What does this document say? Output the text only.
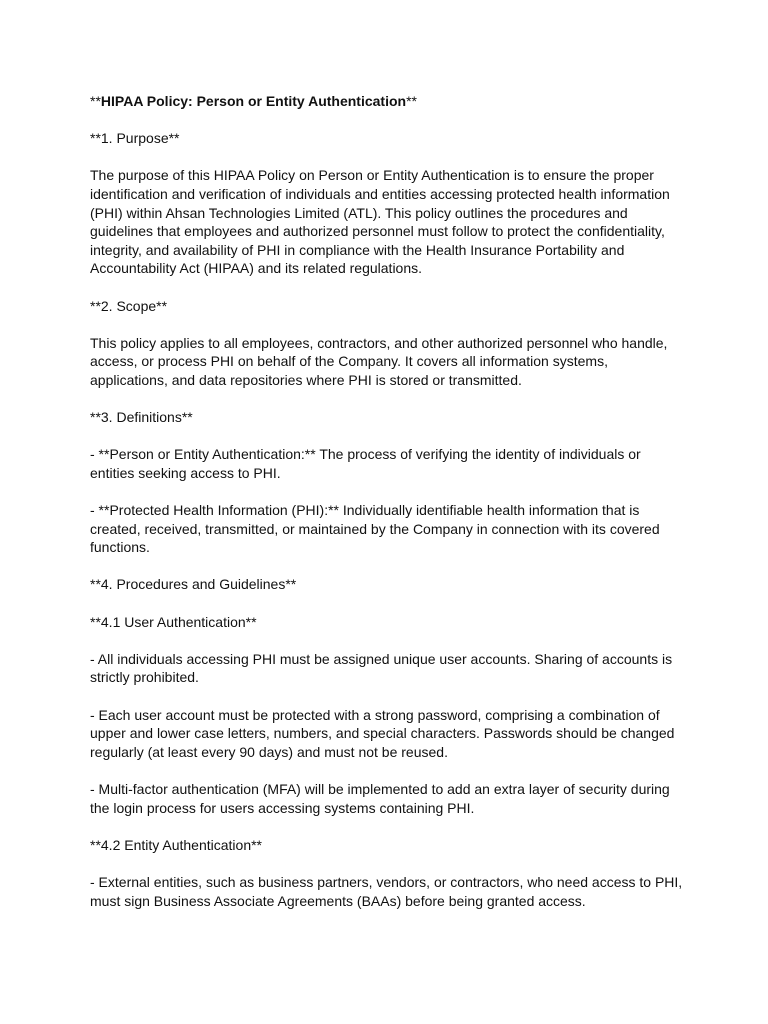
**HIPAA Policy: Person or Entity Authentication**

**1. Purpose**

The purpose of this HIPAA Policy on Person or Entity Authentication is to ensure the proper

identification and verification of individuals and entities accessing protected health information

(PHI) within Ahsan Technologies Limited (ATL). This policy outlines the procedures and

guidelines that employees and authorized personnel must follow to protect the confidentiality,

integrity, and availability of PHI in compliance with the Health Insurance Portability and

Accountability Act (HIPAA) and its related regulations.

**2. Scope**

This policy applies to all employees, contractors, and other authorized personnel who handle,

access, or process PHI on behalf of the Company. It covers all information systems,

applications, and data repositories where PHI is stored or transmitted.

**3. Definitions**

- **Person or Entity Authentication:** The process of verifying the identity of individuals or

entities seeking access to PHI.

- **Protected Health Information (PHI):** Individually identifiable health information that is

created, received, transmitted, or maintained by the Company in connection with its covered

functions.

**4. Procedures and Guidelines**

**4.1 User Authentication**

- All individuals accessing PHI must be assigned unique user accounts. Sharing of accounts is

strictly prohibited.

- Each user account must be protected with a strong password, comprising a combination of

upper and lower case letters, numbers, and special characters. Passwords should be changed

regularly (at least every 90 days) and must not be reused.

- Multi-factor authentication (MFA) will be implemented to add an extra layer of security during

the login process for users accessing systems containing PHI.

**4.2 Entity Authentication**

- External entities, such as business partners, vendors, or contractors, who need access to PHI,

must sign Business Associate Agreements (BAAs) before being granted access.
